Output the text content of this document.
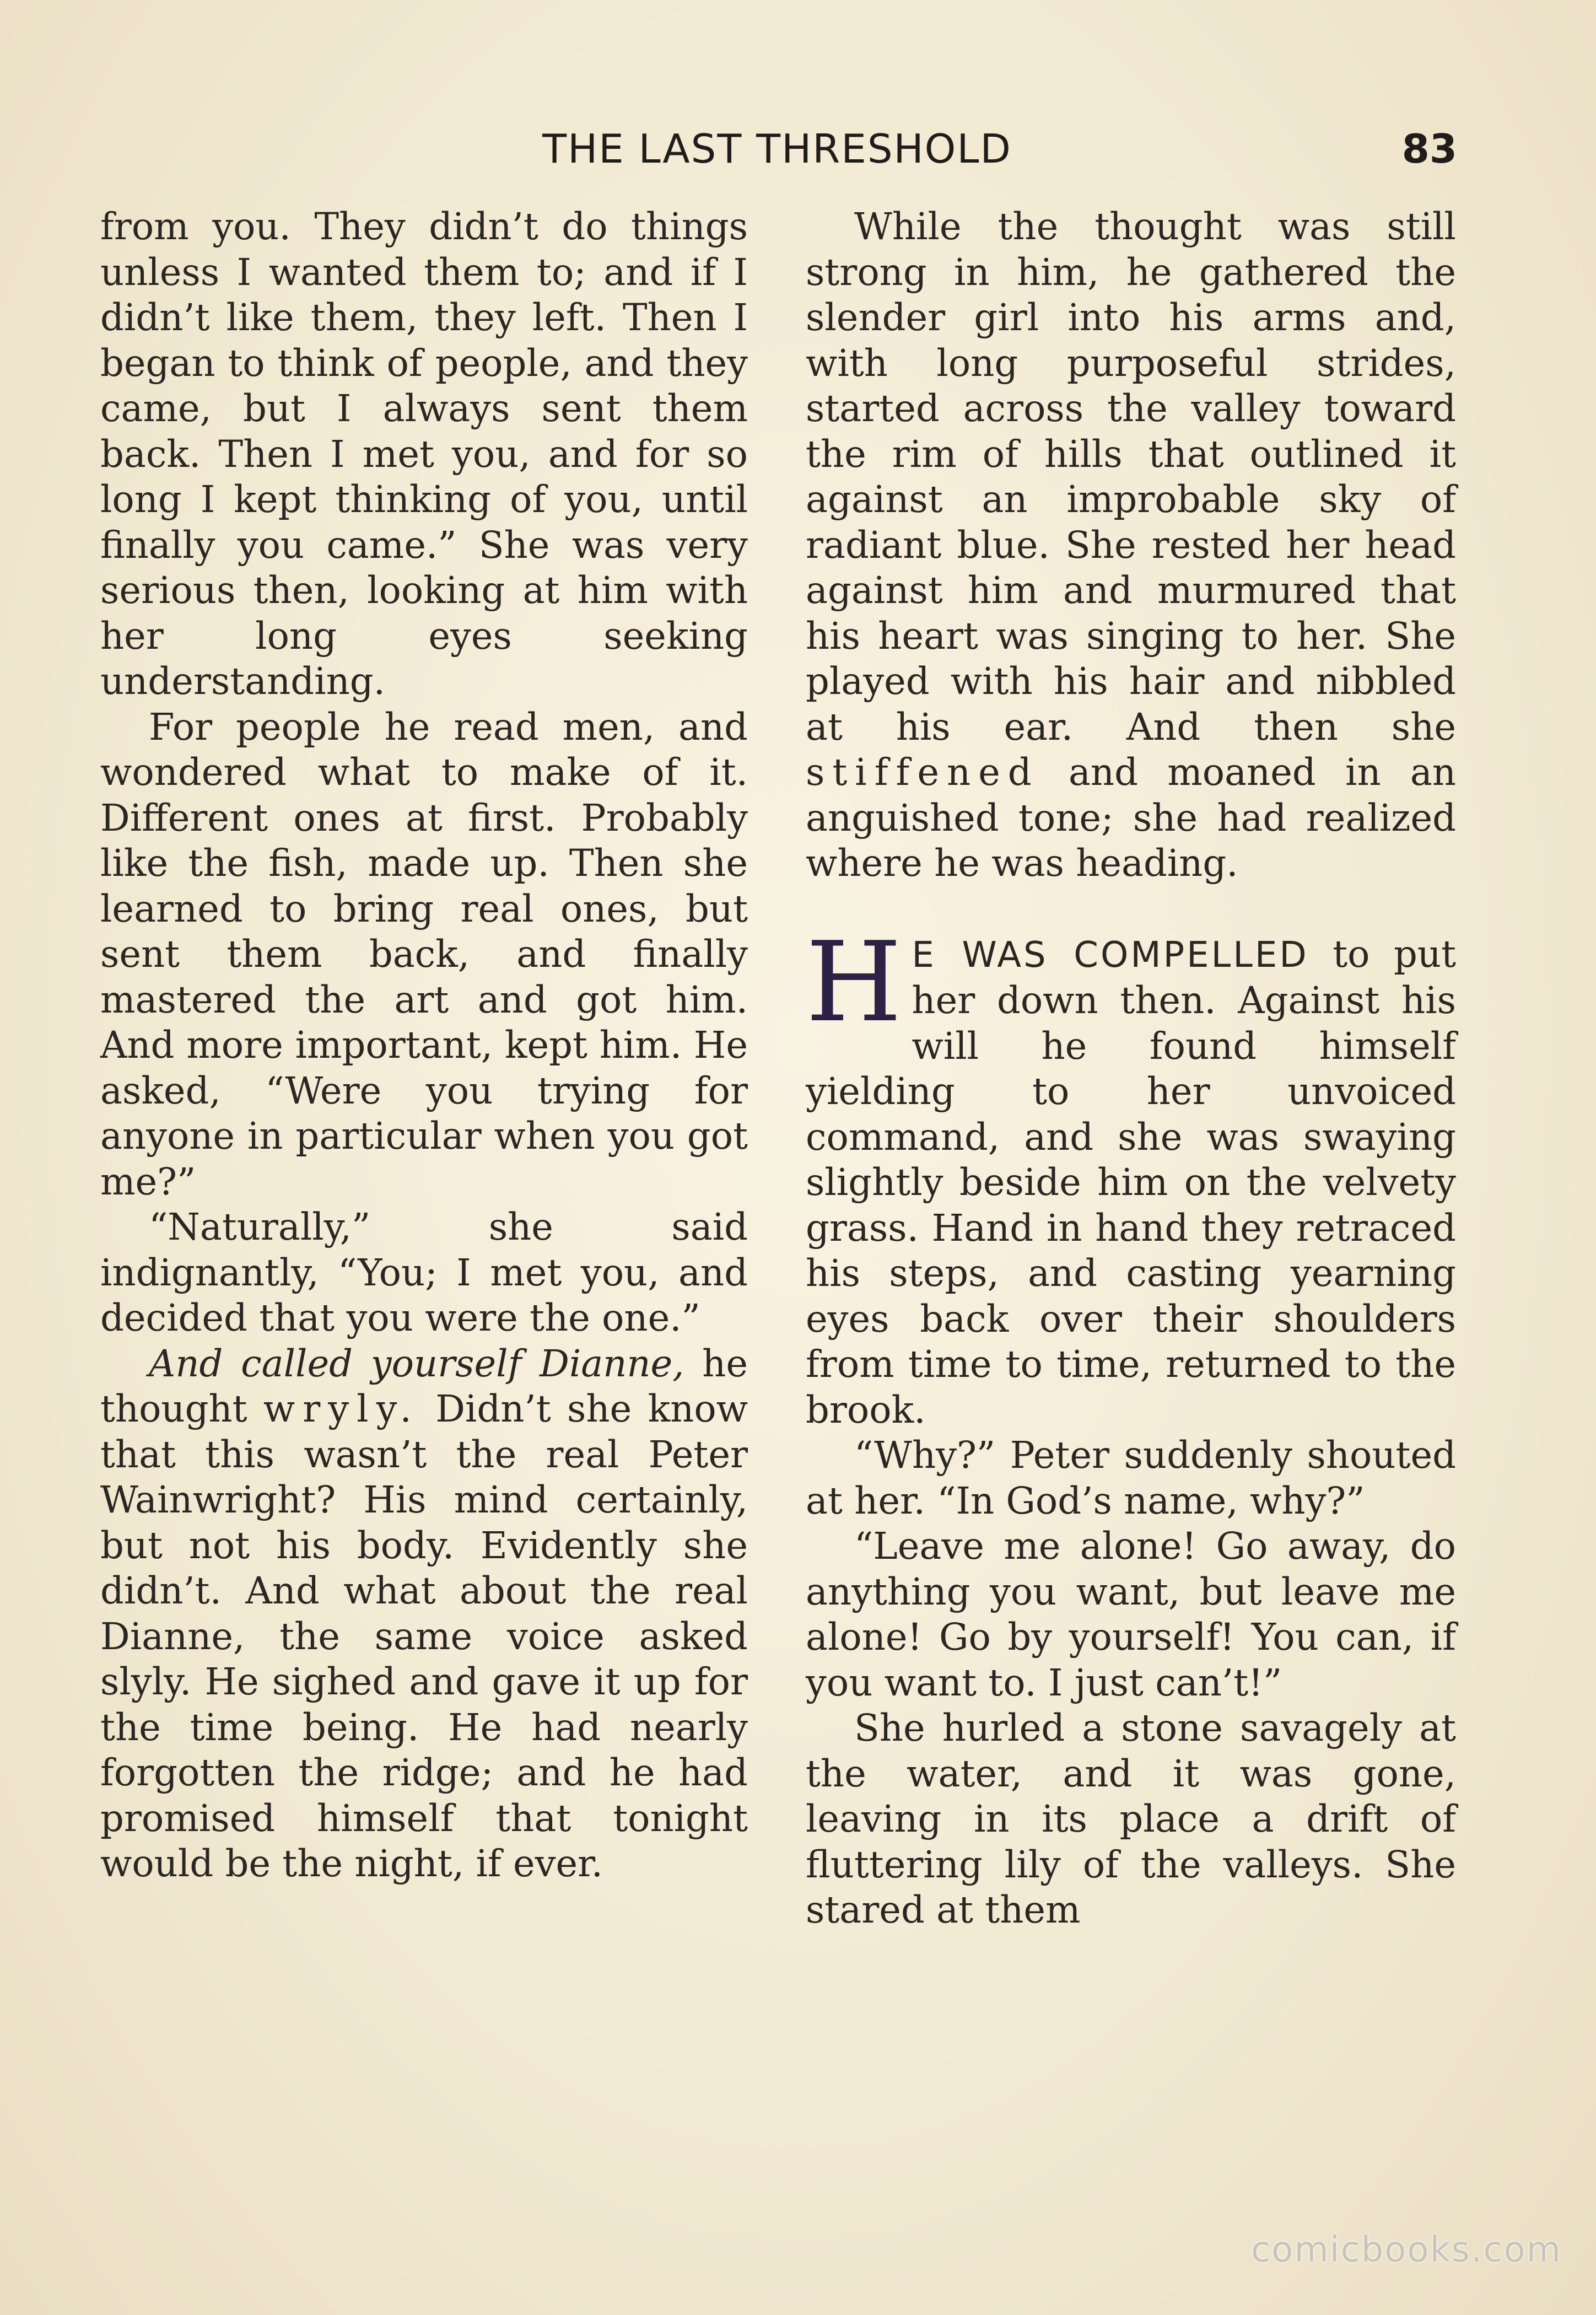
THE LAST THRESHOLD	83

from you. They didn’t do things unless I wanted them to; and if I didn’t like them, they left. Then I began to think of people, and they came, but I always sent them back. Then I met you, and for so long I kept thinking of you, until finally you came.” She was very serious then, looking at him with her long eyes seeking understanding.

For people he read men, and wondered what to make of it. Different ones at first. Probably like the fish, made up. Then she learned to bring real ones, but sent them back, and finally mastered the art and got him. And more important, kept him. He asked, “Were you trying for anyone in particular when you got me?”

“Naturally,” she said indignantly, “You; I met you, and decided that you were the one.”

And called yourself Dianne, he thought wryly. Didn’t she know that this wasn’t the real Peter Wainwright? His mind certainly, but not his body. Evidently she didn’t. And what about the real Dianne, the same voice asked slyly. He sighed and gave it up for the time being. He had nearly forgotten the ridge; and he had promised himself that tonight would be the night, if ever.

While the thought was still strong in him, he gathered the slender girl into his arms and, with long purposeful strides, started across the valley toward the rim of hills that outlined it against an improbable sky of radiant blue. She rested her head against him and murmured that his heart was singing to her. She played with his hair and nibbled at his ear. And then she stiffened and moaned in an anguished tone; she had realized where he was heading.

H E WAS COMPELLED to put her down then. Against his will he found himself yielding to her unvoiced command, and she was swaying slightly beside him on the velvety grass. Hand in hand they retraced his steps, and casting yearning eyes back over their shoulders from time to time, returned to the brook.

“Why?” Peter suddenly shouted at her. “In God’s name, why?”

“Leave me alone! Go away, do anything you want, but leave me alone! Go by yourself! You can, if you want to. I just can’t!”

She hurled a stone savagely at the water, and it was gone, leaving in its place a drift of fluttering lily of the valleys. She stared at them

comicbooks.com
